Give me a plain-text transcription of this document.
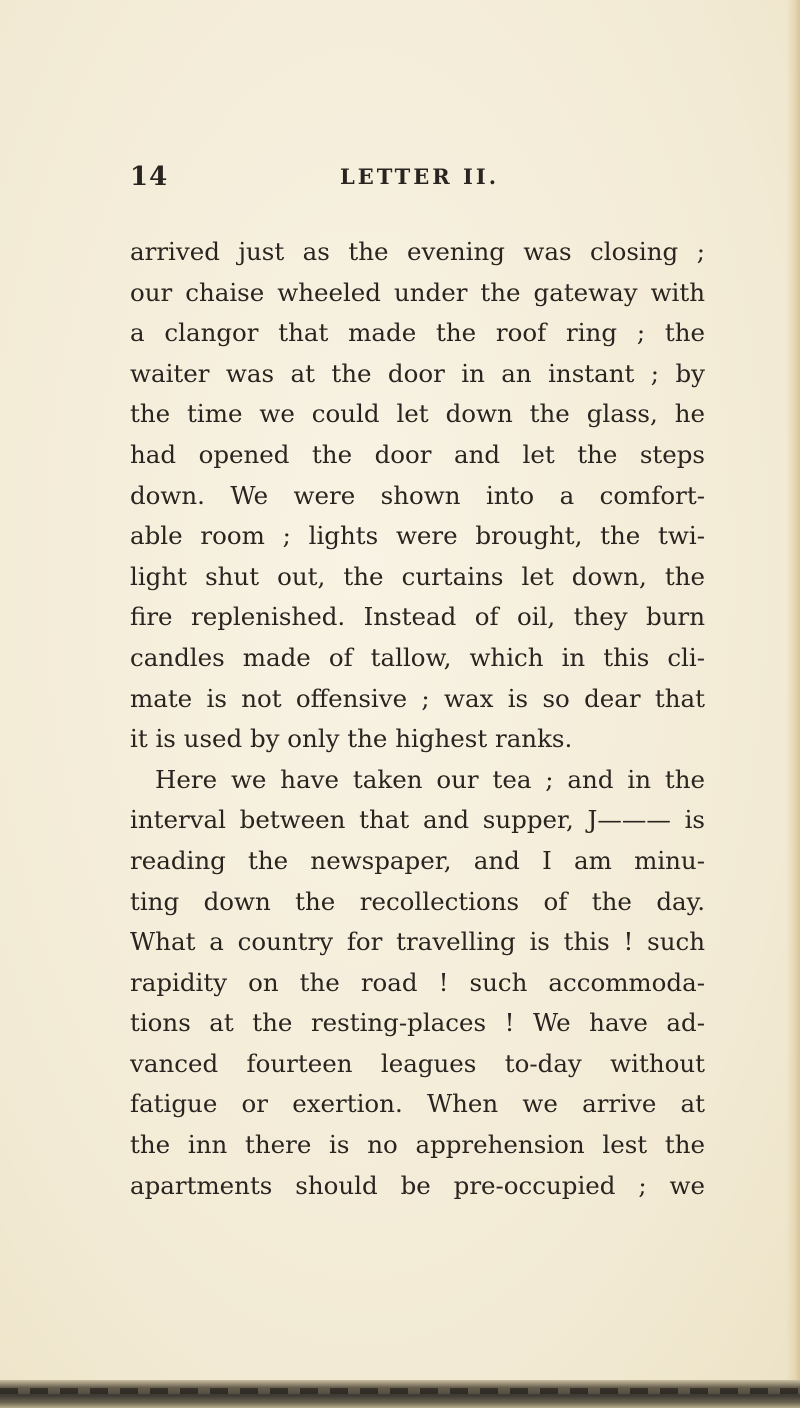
14	LETTER II.
arrived just as the evening was closing ;
our chaise wheeled under the gateway with
a clangor that made the roof ring ; the
waiter was at the door in an instant ; by
the time we could let down the glass, he
had opened the door and let the steps
down. We were shown into a comfort-
able room ; lights were brought, the twi-
light shut out, the curtains let down, the
fire replenished. Instead of oil, they burn
candles made of tallow, which in this cli-
mate is not offensive ; wax is so dear that
it is used by only the highest ranks.
Here we have taken our tea ; and in the
interval between that and supper, J——— is
reading the newspaper, and I am minu-
ting down the recollections of the day.
What a country for travelling is this ! such
rapidity on the road ! such accommoda-
tions at the resting-places ! We have ad-
vanced fourteen leagues to-day without
fatigue or exertion. When we arrive at
the inn there is no apprehension lest the
apartments should be pre-occupied ; we
